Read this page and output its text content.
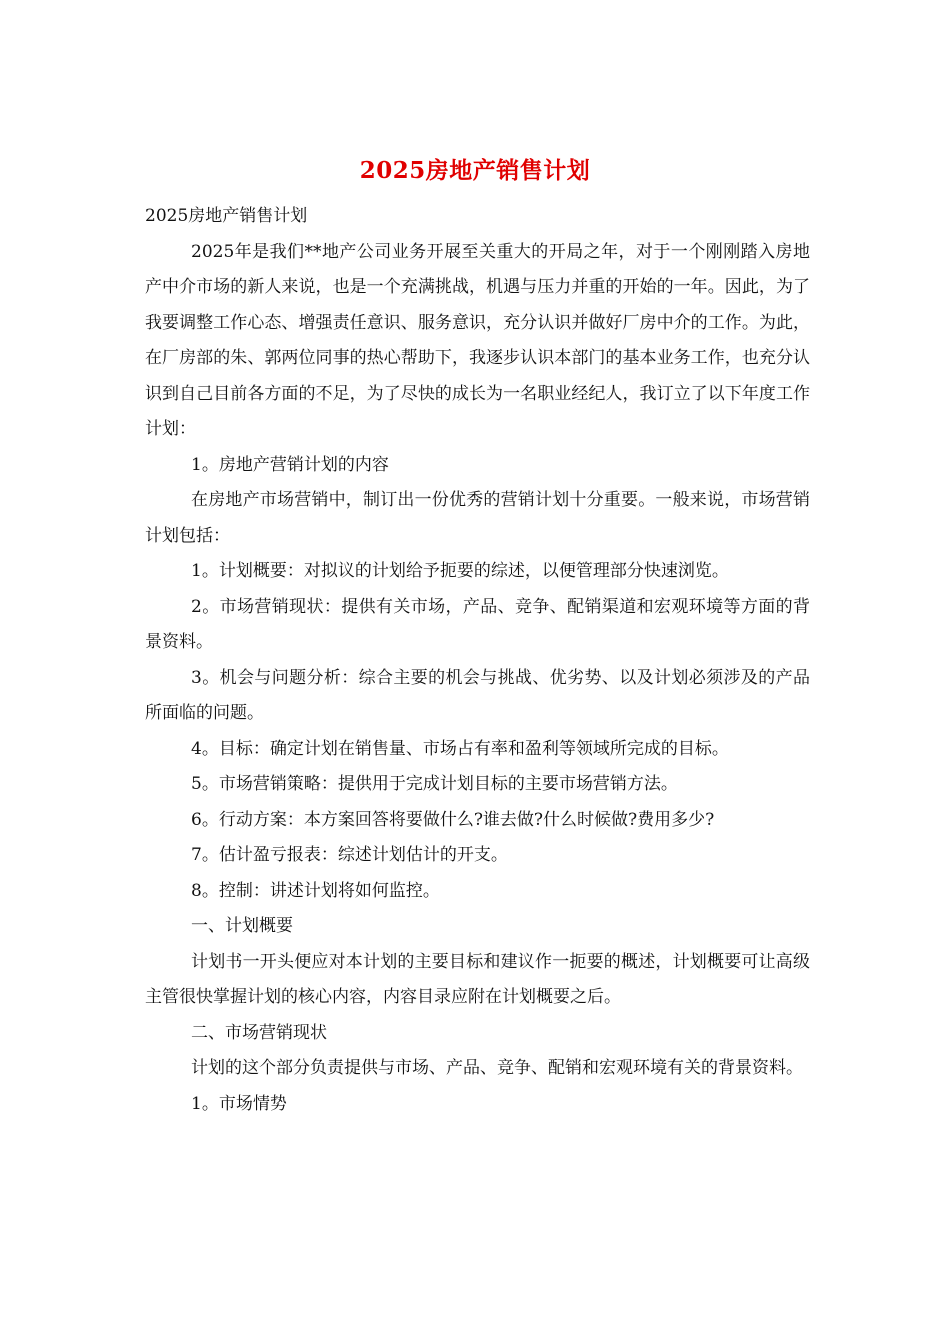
2025房地产销售计划

2025房地产销售计划

2025年是我们**地产公司业务开展至关重大的开局之年，对于一个刚刚踏入房地产中介市场的新人来说，也是一个充满挑战，机遇与压力并重的开始的一年。因此，为了我要调整工作心态、增强责任意识、服务意识，充分认识并做好厂房中介的工作。为此，在厂房部的朱、郭两位同事的热心帮助下，我逐步认识本部门的基本业务工作，也充分认识到自己目前各方面的不足，为了尽快的成长为一名职业经纪人，我订立了以下年度工作计划：

1。房地产营销计划的内容

在房地产市场营销中，制订出一份优秀的营销计划十分重要。一般来说，市场营销计划包括：

1。计划概要：对拟议的计划给予扼要的综述，以便管理部分快速浏览。

2。市场营销现状：提供有关市场，产品、竞争、配销渠道和宏观环境等方面的背景资料。

3。机会与问题分析：综合主要的机会与挑战、优劣势、以及计划必须涉及的产品所面临的问题。

4。目标：确定计划在销售量、市场占有率和盈利等领域所完成的目标。

5。市场营销策略：提供用于完成计划目标的主要市场营销方法。

6。行动方案：本方案回答将要做什么?谁去做?什么时候做?费用多少?

7。估计盈亏报表：综述计划估计的开支。

8。控制：讲述计划将如何监控。

一、计划概要

计划书一开头便应对本计划的主要目标和建议作一扼要的概述，计划概要可让高级主管很快掌握计划的核心内容，内容目录应附在计划概要之后。

二、市场营销现状

计划的这个部分负责提供与市场、产品、竞争、配销和宏观环境有关的背景资料。

1。市场情势
